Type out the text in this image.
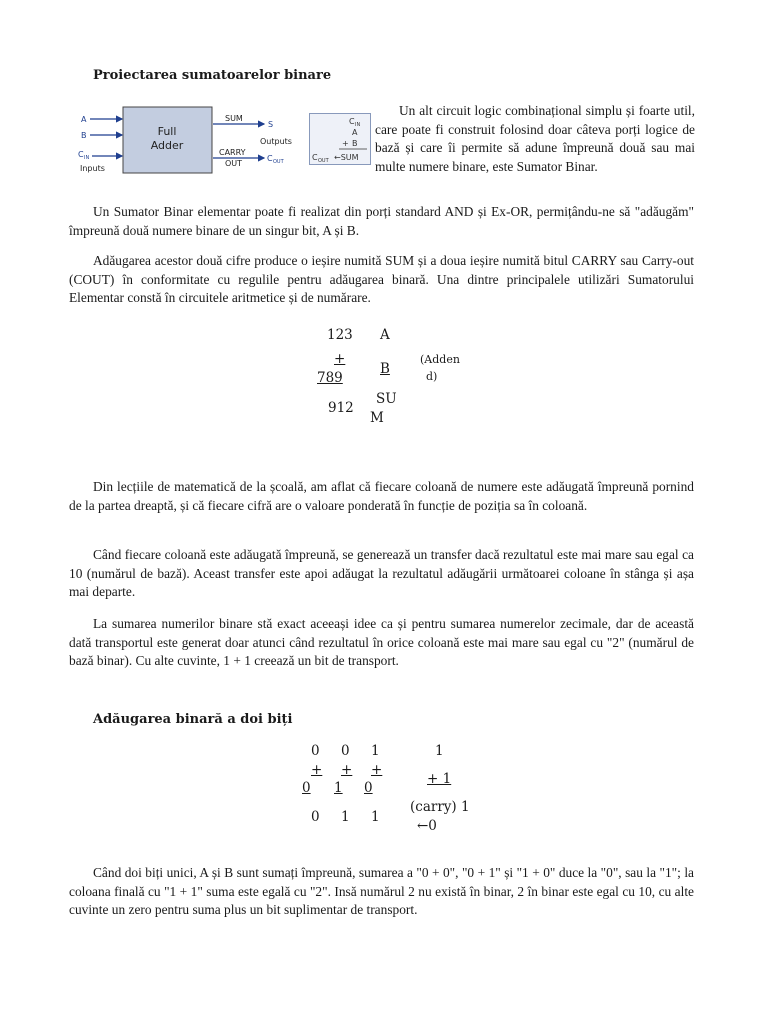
Proiectarea sumatoarelor binare
Full
Adder
A
B
C IN
Inputs
SUM
S
Outputs
CARRY
OUT
C OUT
C IN
A
+ B
C OUT ←SUM
Un alt circuit logic combinațional simplu și foarte util, care poate fi construit folosind doar câteva porți logice de bază și care îi permite să adune împreună două sau mai multe numere binare, este Sumator Binar.
Un Sumator Binar elementar poate fi realizat din porți standard AND și Ex-OR, permițându-ne să "adăugăm" împreună două numere binare de un singur bit, A și B.
Adăugarea acestor două cifre produce o ieșire numită SUM și a doua ieșire numită bitul CARRY sau Carry-out (COUT) în conformitate cu regulile pentru adăugarea binară. Una dintre principalele utilizări Sumatorului Elementar constă în circuitele aritmetice și de numărare.
123 A
+
789
B
(Adden
d)
912
SU
M
Din lecțiile de matematică de la școală, am aflat că fiecare coloană de numere este adăugată împreună pornind de la partea dreaptă, și că fiecare cifră are o valoare ponderată în funcție de poziția sa în coloană.
Când fiecare coloană este adăugată împreună, se generează un transfer dacă rezultatul este mai mare sau egal ca 10 (numărul de bază). Aceast transfer este apoi adăugat la rezultatul adăugării următoarei coloane în stânga și așa mai departe.
La sumarea numerilor binare stă exact aceeași idee ca și pentru sumarea numerelor zecimale, dar de această dată transportul este generat doar atunci când rezultatul în orice coloană este mai mare sau egal cu "2" (numărul de bază binar). Cu alte cuvinte, 1 + 1 creează un bit de transport.
Adăugarea binară a doi biți
0 0 1
+ + +
0 1 0
0 1 1
1
+ 1
(carry) 1
←0
Când doi biți unici, A și B sunt sumați împreună, sumarea a "0 + 0", "0 + 1" și "1 + 0" duce la "0", sau la "1"; la coloana finală cu "1 + 1" suma este egală cu "2". Insă numărul 2 nu există în binar, 2 în binar este egal cu 10, cu alte cuvinte un zero pentru suma plus un bit suplimentar de transport.
